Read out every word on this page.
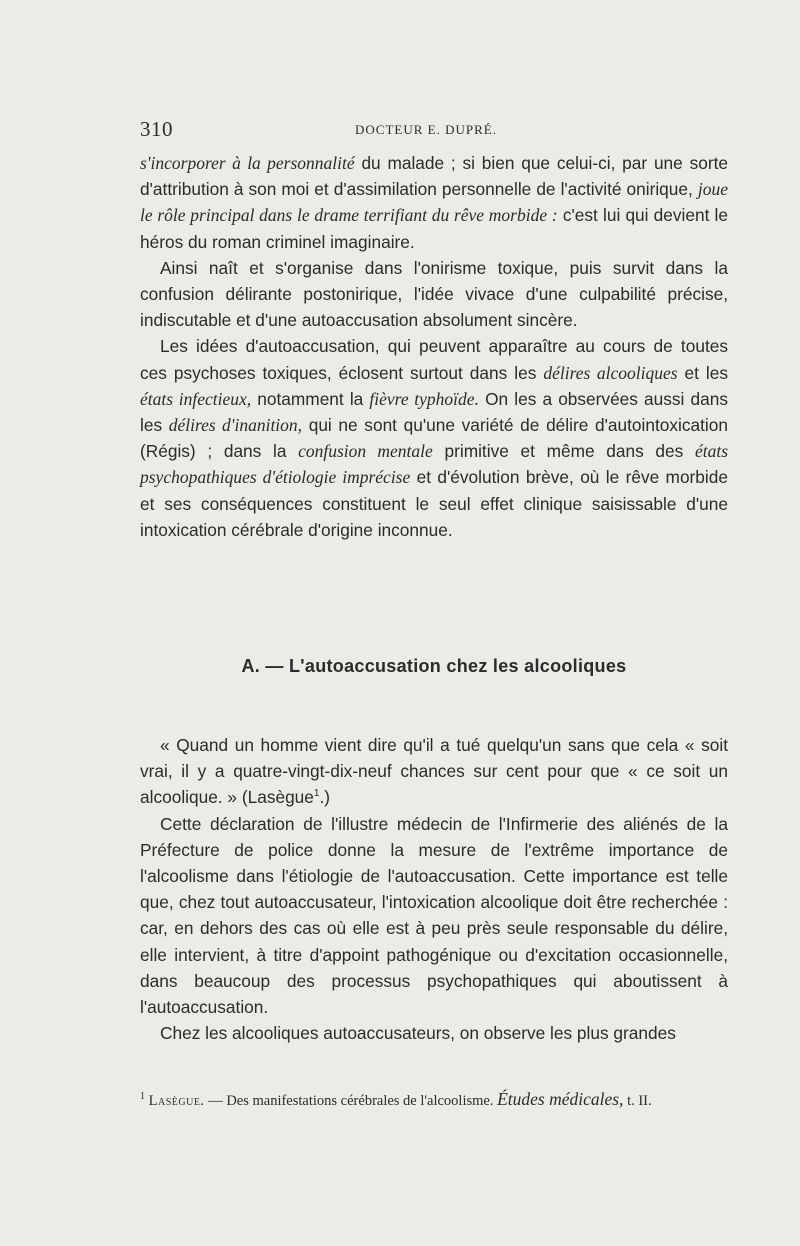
310	DOCTEUR E. DUPRÉ.

s'incorporer à la personnalité du malade ; si bien que celui-ci, par une sorte d'attribution à son moi et d'assimilation personnelle de l'activité onirique, joue le rôle principal dans le drame terrifiant du rêve morbide : c'est lui qui devient le héros du roman criminel imaginaire.

Ainsi naît et s'organise dans l'onirisme toxique, puis survit dans la confusion délirante postonirique, l'idée vivace d'une culpabilité précise, indiscutable et d'une autoaccusation absolument sincère.

Les idées d'autoaccusation, qui peuvent apparaître au cours de toutes ces psychoses toxiques, éclosent surtout dans les délires alcooliques et les états infectieux, notamment la fièvre typhoïde. On les a observées aussi dans les délires d'inanition, qui ne sont qu'une variété de délire d'autointoxication (Régis) ; dans la confusion mentale primitive et même dans des états psychopathiques d'étiologie imprécise et d'évolution brève, où le rêve morbide et ses conséquences constituent le seul effet clinique saisissable d'une intoxication cérébrale d'origine inconnue.

A. — L'autoaccusation chez les alcooliques

« Quand un homme vient dire qu'il a tué quelqu'un sans que cela « soit vrai, il y a quatre-vingt-dix-neuf chances sur cent pour que « ce soit un alcoolique. » (Lasègue$^1$.)

Cette déclaration de l'illustre médecin de l'Infirmerie des aliénés de la Préfecture de police donne la mesure de l'extrême importance de l'alcoolisme dans l'étiologie de l'autoaccusation. Cette importance est telle que, chez tout autoaccusateur, l'intoxication alcoolique doit être recherchée : car, en dehors des cas où elle est à peu près seule responsable du délire, elle intervient, à titre d'appoint pathogénique ou d'excitation occasionnelle, dans beaucoup des processus psychopathiques qui aboutissent à l'autoaccusation.

Chez les alcooliques autoaccusateurs, on observe les plus grandes

$^1$ Lasègue. — Des manifestations cérébrales de l'alcoolisme. Études médicales, t. II.
